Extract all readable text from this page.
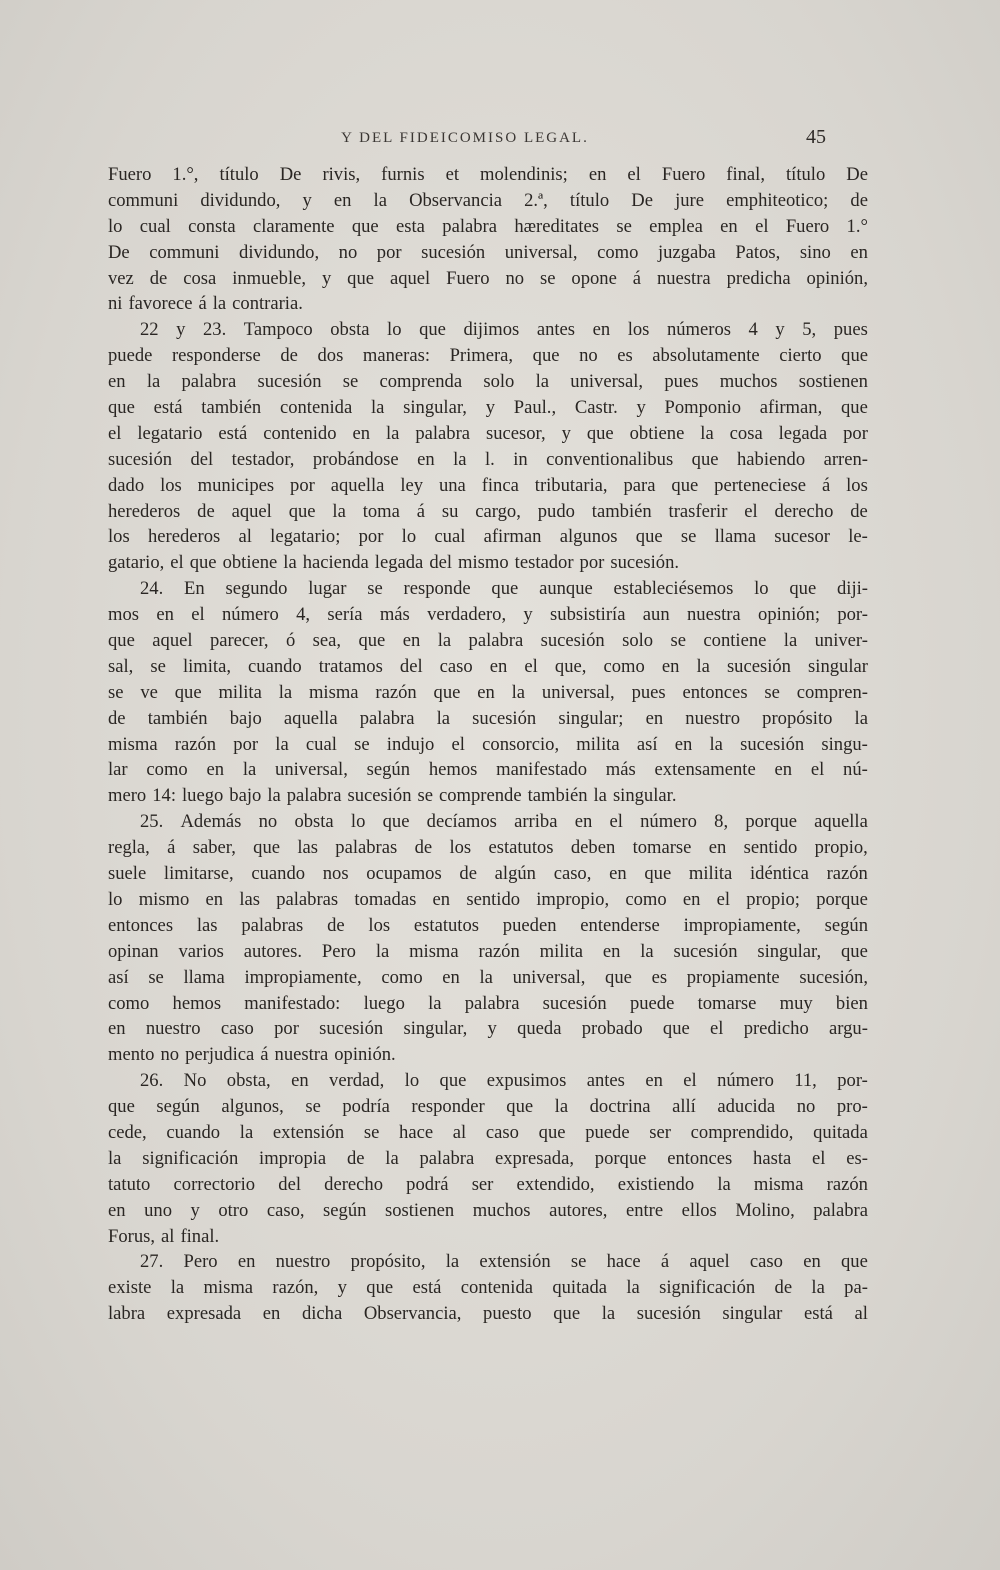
Y DEL FIDEICOMISO LEGAL.	45
Fuero 1.°, título De rivis, furnis et molendinis; en el Fuero final, título De
communi dividundo, y en la Observancia 2.ª, título De jure emphiteotico; de
lo cual consta claramente que esta palabra hæreditates se emplea en el Fuero 1.°
De communi dividundo, no por sucesión universal, como juzgaba Patos, sino en
vez de cosa inmueble, y que aquel Fuero no se opone á nuestra predicha opinión,
ni favorece á la contraria.
22 y 23. Tampoco obsta lo que dijimos antes en los números 4 y 5, pues
puede responderse de dos maneras: Primera, que no es absolutamente cierto que
en la palabra sucesión se comprenda solo la universal, pues muchos sostienen
que está también contenida la singular, y Paul., Castr. y Pomponio afirman, que
el legatario está contenido en la palabra sucesor, y que obtiene la cosa legada por
sucesión del testador, probándose en la l. in conventionalibus que habiendo arren-
dado los municipes por aquella ley una finca tributaria, para que perteneciese á los
herederos de aquel que la toma á su cargo, pudo también trasferir el derecho de
los herederos al legatario; por lo cual afirman algunos que se llama sucesor le-
gatario, el que obtiene la hacienda legada del mismo testador por sucesión.
24. En segundo lugar se responde que aunque estableciésemos lo que diji-
mos en el número 4, sería más verdadero, y subsistiría aun nuestra opinión; por-
que aquel parecer, ó sea, que en la palabra sucesión solo se contiene la univer-
sal, se limita, cuando tratamos del caso en el que, como en la sucesión singular
se ve que milita la misma razón que en la universal, pues entonces se compren-
de también bajo aquella palabra la sucesión singular; en nuestro propósito la
misma razón por la cual se indujo el consorcio, milita así en la sucesión singu-
lar como en la universal, según hemos manifestado más extensamente en el nú-
mero 14: luego bajo la palabra sucesión se comprende también la singular.
25. Además no obsta lo que decíamos arriba en el número 8, porque aquella
regla, á saber, que las palabras de los estatutos deben tomarse en sentido propio,
suele limitarse, cuando nos ocupamos de algún caso, en que milita idéntica razón
lo mismo en las palabras tomadas en sentido impropio, como en el propio; porque
entonces las palabras de los estatutos pueden entenderse impropiamente, según
opinan varios autores. Pero la misma razón milita en la sucesión singular, que
así se llama impropiamente, como en la universal, que es propiamente sucesión,
como hemos manifestado: luego la palabra sucesión puede tomarse muy bien
en nuestro caso por sucesión singular, y queda probado que el predicho argu-
mento no perjudica á nuestra opinión.
26. No obsta, en verdad, lo que expusimos antes en el número 11, por-
que según algunos, se podría responder que la doctrina allí aducida no pro-
cede, cuando la extensión se hace al caso que puede ser comprendido, quitada
la significación impropia de la palabra expresada, porque entonces hasta el es-
tatuto correctorio del derecho podrá ser extendido, existiendo la misma razón
en uno y otro caso, según sostienen muchos autores, entre ellos Molino, palabra
Forus, al final.
27. Pero en nuestro propósito, la extensión se hace á aquel caso en que
existe la misma razón, y que está contenida quitada la significación de la pa-
labra expresada en dicha Observancia, puesto que la sucesión singular está al
